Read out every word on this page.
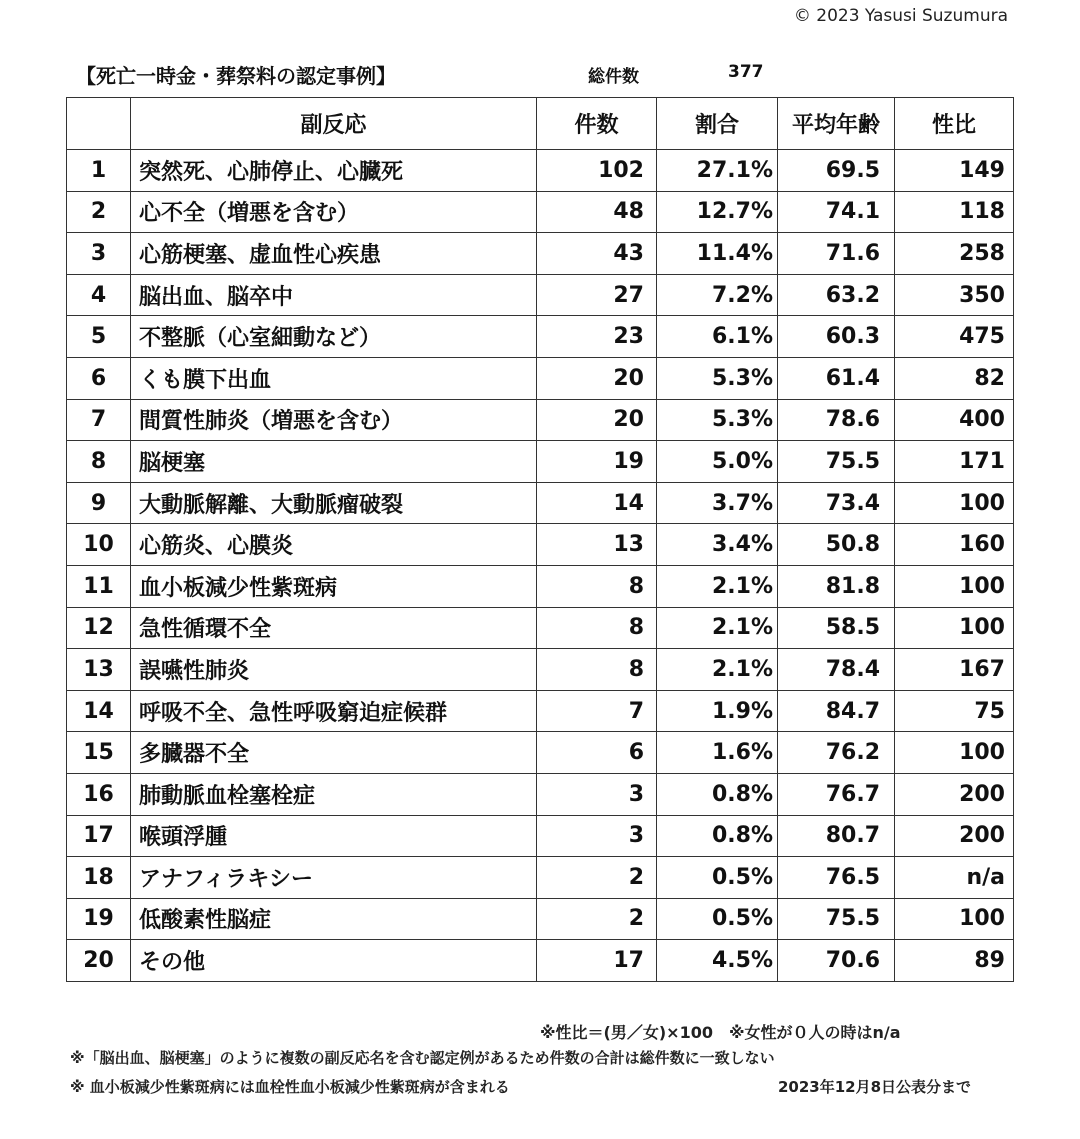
© 2023 Yasusi Suzumura
【死亡一時金・葬祭料の認定事例】	総件数	377
	副反応	件数	割合	平均年齢	性比
1	突然死、心肺停止、心臓死	102	27.1%	69.5	149
2	心不全（増悪を含む）	48	12.7%	74.1	118
3	心筋梗塞、虚血性心疾患	43	11.4%	71.6	258
4	脳出血、脳卒中	27	7.2%	63.2	350
5	不整脈（心室細動など）	23	6.1%	60.3	475
6	くも膜下出血	20	5.3%	61.4	82
7	間質性肺炎（増悪を含む）	20	5.3%	78.6	400
8	脳梗塞	19	5.0%	75.5	171
9	大動脈解離、大動脈瘤破裂	14	3.7%	73.4	100
10	心筋炎、心膜炎	13	3.4%	50.8	160
11	血小板減少性紫斑病	8	2.1%	81.8	100
12	急性循環不全	8	2.1%	58.5	100
13	誤嚥性肺炎	8	2.1%	78.4	167
14	呼吸不全、急性呼吸窮迫症候群	7	1.9%	84.7	75
15	多臓器不全	6	1.6%	76.2	100
16	肺動脈血栓塞栓症	3	0.8%	76.7	200
17	喉頭浮腫	3	0.8%	80.7	200
18	アナフィラキシー	2	0.5%	76.5	n/a
19	低酸素性脳症	2	0.5%	75.5	100
20	その他	17	4.5%	70.6	89
※性比＝(男／女)×100　※女性が０人の時はn/a
※「脳出血、脳梗塞」のように複数の副反応名を含む認定例があるため件数の合計は総件数に一致しない
※ 血小板減少性紫斑病には血栓性血小板減少性紫斑病が含まれる	2023年12月8日公表分まで
